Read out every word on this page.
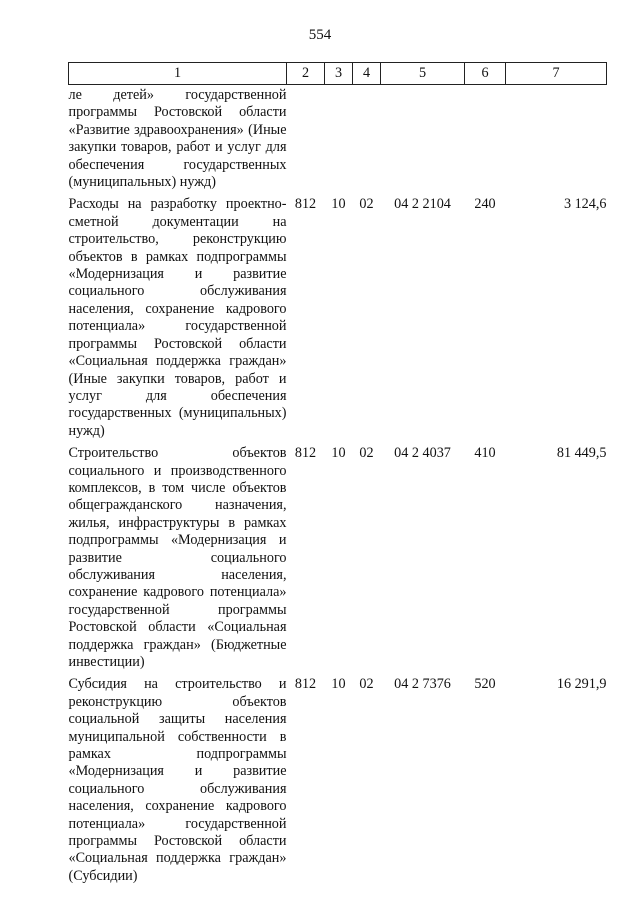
554
1	2	3	4	5	6	7
ле детей» государственной программы Ростовской области «Развитие здравоохранения» (Иные закупки товаров, работ и услуг для обеспечения государственных (муниципальных) нужд)						
Расходы на разработку проектно-сметной документации на строительство, реконструкцию объектов в рамках подпрограммы «Модернизация и развитие социального обслуживания населения, сохранение кадрового потенциала» государственной программы Ростовской области «Социальная поддержка граждан» (Иные закупки товаров, работ и услуг для обеспечения государственных (муниципальных) нужд)	812	10	02	04 2 2104	240	3 124,6
Строительство объектов социального и производственного комплексов, в том числе объектов общегражданского назначения, жилья, инфраструктуры в рамках подпрограммы «Модернизация и развитие социального обслуживания населения, сохранение кадрового потенциала» государственной программы Ростовской области «Социальная поддержка граждан» (Бюджетные инвестиции)	812	10	02	04 2 4037	410	81 449,5
Субсидия на строительство и реконструкцию объектов социальной защиты населения муниципальной собственности в рамках подпрограммы «Модернизация и развитие социального обслуживания населения, сохранение кадрового потенциала» государственной программы Ростовской области «Социальная поддержка граждан» (Субсидии)	812	10	02	04 2 7376	520	16 291,9
